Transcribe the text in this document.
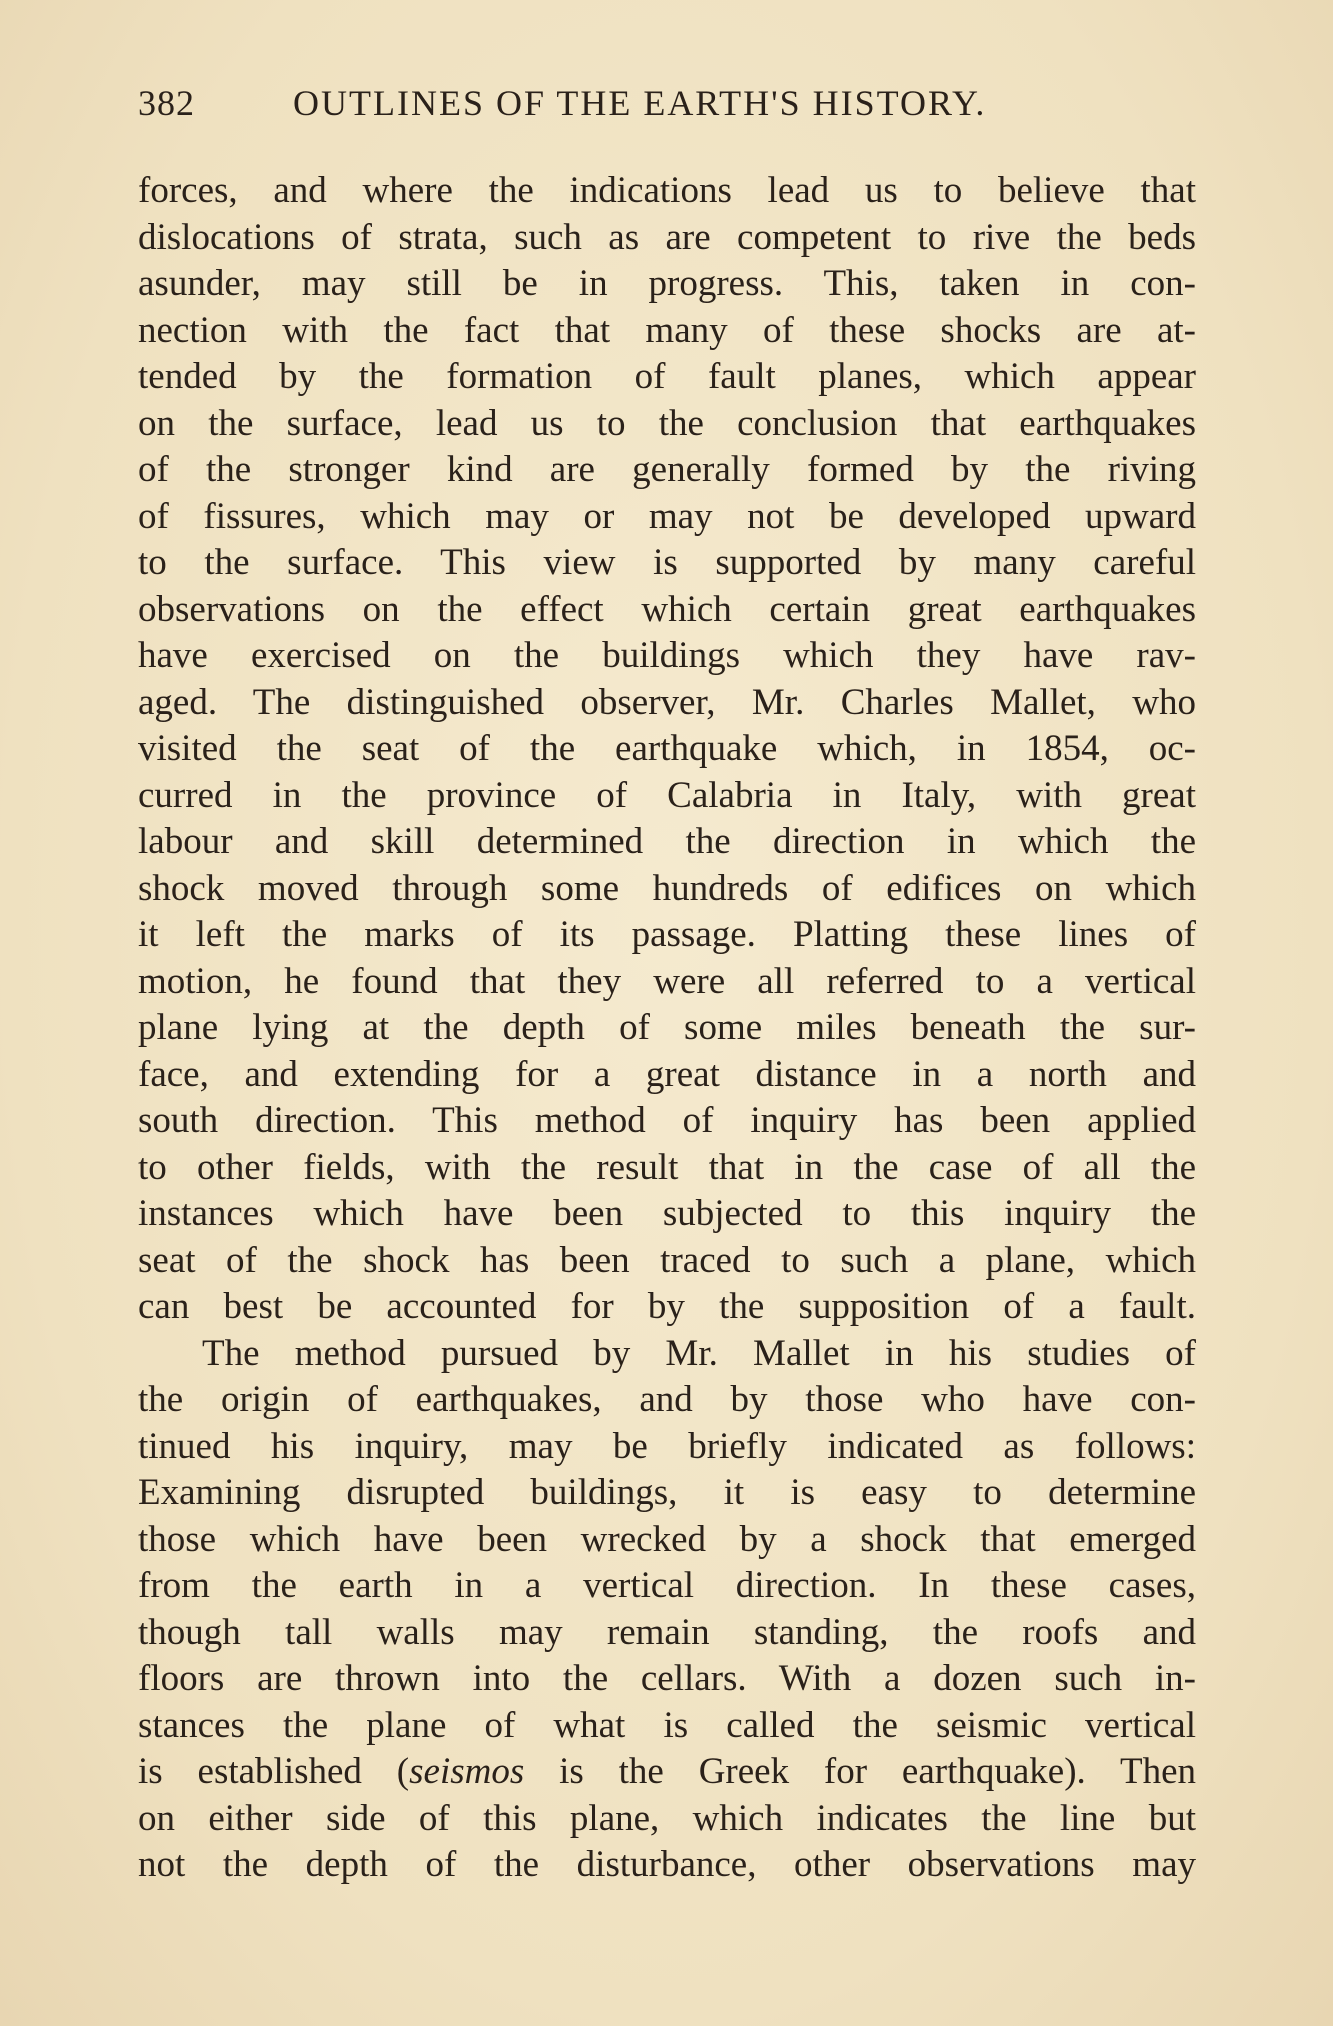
382	OUTLINES OF THE EARTH'S HISTORY.
forces, and where the indications lead us to believe that
dislocations of strata, such as are competent to rive the beds
asunder, may still be in progress. This, taken in con-
nection with the fact that many of these shocks are at-
tended by the formation of fault planes, which appear
on the surface, lead us to the conclusion that earthquakes
of the stronger kind are generally formed by the riving
of fissures, which may or may not be developed upward
to the surface. This view is supported by many careful
observations on the effect which certain great earthquakes
have exercised on the buildings which they have rav-
aged. The distinguished observer, Mr. Charles Mallet, who
visited the seat of the earthquake which, in 1854, oc-
curred in the province of Calabria in Italy, with great
labour and skill determined the direction in which the
shock moved through some hundreds of edifices on which
it left the marks of its passage. Platting these lines of
motion, he found that they were all referred to a vertical
plane lying at the depth of some miles beneath the sur-
face, and extending for a great distance in a north and
south direction. This method of inquiry has been applied
to other fields, with the result that in the case of all the
instances which have been subjected to this inquiry the
seat of the shock has been traced to such a plane, which
can best be accounted for by the supposition of a fault.
The method pursued by Mr. Mallet in his studies of
the origin of earthquakes, and by those who have con-
tinued his inquiry, may be briefly indicated as follows:
Examining disrupted buildings, it is easy to determine
those which have been wrecked by a shock that emerged
from the earth in a vertical direction. In these cases,
though tall walls may remain standing, the roofs and
floors are thrown into the cellars. With a dozen such in-
stances the plane of what is called the seismic vertical
is established (seismos is the Greek for earthquake). Then
on either side of this plane, which indicates the line but
not the depth of the disturbance, other observations may
